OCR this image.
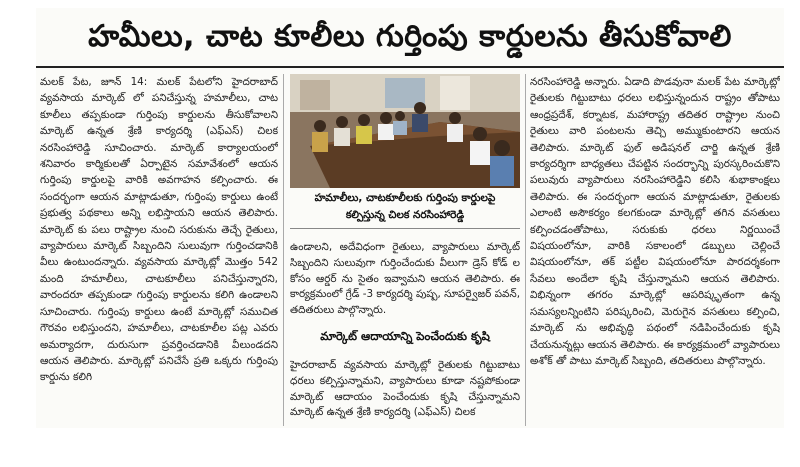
హమీలు, చాట కూలీలు గుర్తింపు కార్డులను తీసుకోవాలి

మలక్ పేట, జూన్ 14: మలక్ పేటలోని హైదరాబాద్ వ్యవసాయ మార్కెట్ లో పనిచేస్తున్న హమాలీలు, చాట కూలీలు తప్పకుండా గుర్తింపు కార్డులను తీసుకోవాలని మార్కెట్ ఉన్నత శ్రేణి కార్యదర్శి (ఎఫ్ఎస్) చిలక నరసింహారెడ్డి సూచించారు. మార్కెట్ కార్యాలయంలో శనివారం కార్మికులతో ఏర్పాటైన సమావేశంలో ఆయన గుర్తింపు కార్డులపై వారికి అవగాహన కల్పించారు. ఈ సందర్భంగా ఆయన మాట్లాడుతూ, గుర్తింపు కార్డులు ఉంటే ప్రభుత్వ పథకాలు అన్ని లభిస్తాయని ఆయన తెలిపారు. మార్కెట్ కు పలు రాష్ట్రాల నుంచి సరుకును తెచ్చే రైతులు, వ్యాపారులు మార్కెట్ సిబ్బందిని సులువుగా గుర్తించడానికి వీలు ఉంటుందన్నారు. వ్యవసాయ మార్కెట్లో మొత్తం 542 మంది హమాలీలు, చాటకూలీలు పనిచేస్తున్నారని, వారందరూ తప్పకుండా గుర్తింపు కార్డులను కలిగి ఉండాలని సూచించారు. గుర్తింపు కార్డులు ఉంటే మార్కెట్లో సముచిత గౌరవం లభిస్తుందని, హమాలీలు, చాటకూలీల పట్ల ఎవరు అమర్యాదగా, దురుసుగా ప్రవర్తించడానికి వీలుండదని ఆయన తెలిపారు. మార్కెట్లో పనిచేసే ప్రతి ఒక్కరు గుర్తింపు కార్డును కలిగి

హమాలీలు, చాటకూలీలకు గుర్తింపు కార్డులపై
కల్పిస్తున్న చిలక నరసింహారెడ్డి

ఉండాలని, అదేవిధంగా రైతులు, వ్యాపారులు మార్కెట్ సిబ్బందిని సులువుగా గుర్తించేందుకు వీలుగా డ్రెస్ కోడ్ ల కోసం ఆర్డర్ ను సైతం ఇవ్వామని ఆయన తెలిపారు. ఈ కార్యక్రమంలో గ్రేడ్ -3 కార్యదర్శి పుష్ప, సూపర్వైజర్ పవన్, తదితరులు పాల్గొన్నారు.

మార్కెట్ ఆదాయాన్ని పెంచేందుకు కృషి

హైదరాబాద్ వ్యవసాయ మార్కెట్లో రైతులకు గిట్టుబాటు ధరలు కల్పిస్తున్నామని, వ్యాపారులు కూడా నష్టపోకుండా మార్కెట్ ఆదాయం పెంచేందుకు కృషి చేస్తున్నామని మార్కెట్ ఉన్నత శ్రేణి కార్యదర్శి (ఎఫ్ఎస్) చిలక

నరసింహారెడ్డి అన్నారు. ఏడాది పొడవునా మలక్ పేట మార్కెట్లో రైతులకు గిట్టుబాటు ధరలు లభిస్తున్నందున రాష్ట్రం తోపాటు ఆంధ్రప్రదేశ్, కర్నాటక, మహారాష్ట్ర తదితర రాష్ట్రాల నుంచి రైతులు వారి పంటలను తెచ్చి అమ్ముకుంటారని ఆయన తెలిపారు. మార్కెట్ ఫుల్ అడిషనల్ చార్జి ఉన్నత శ్రేణి కార్యదర్శిగా బాధ్యతలు చేపట్టిన సందర్భాన్ని పురస్కరించుకొని పలువురు వ్యాపారులు నరసింహారెడ్డిని కలిసి శుభాకాంక్షలు తెలిపారు. ఈ సందర్భంగా ఆయన మాట్లాడుతూ, రైతులకు ఎలాంటి అసౌకర్యం కలగకుండా మార్కెట్లో తగిన వసతులు కల్పించడంతోపాటు, సరుకుకు ధరలు నిర్ణయించే విషయంలోనూ, వారికి సకాలంలో డబ్బులు చెల్లించే విషయంలోనూ, తక్ పట్టీల విషయంలోనూ పారదర్శకంగా సేవలు అందేలా కృషి చేస్తున్నామని ఆయన తెలిపారు. విభిన్నంగా తగరం మార్కెట్లో ఆపరిష్కృతంగా ఉన్న సమస్యలన్నింటిని పరిష్కరించి, మెరుగైన వసతులు కల్పించి, మార్కెట్ ను అభివృద్ధి పథంలో నడిపించేందుకు కృషి చేయనున్నట్లు ఆయన తెలిపారు. ఈ కార్యక్రమంలో వ్యాపారులు అశోక్ తో పాటు మార్కెట్ సిబ్బంది, తదితరులు పాల్గొన్నారు.
